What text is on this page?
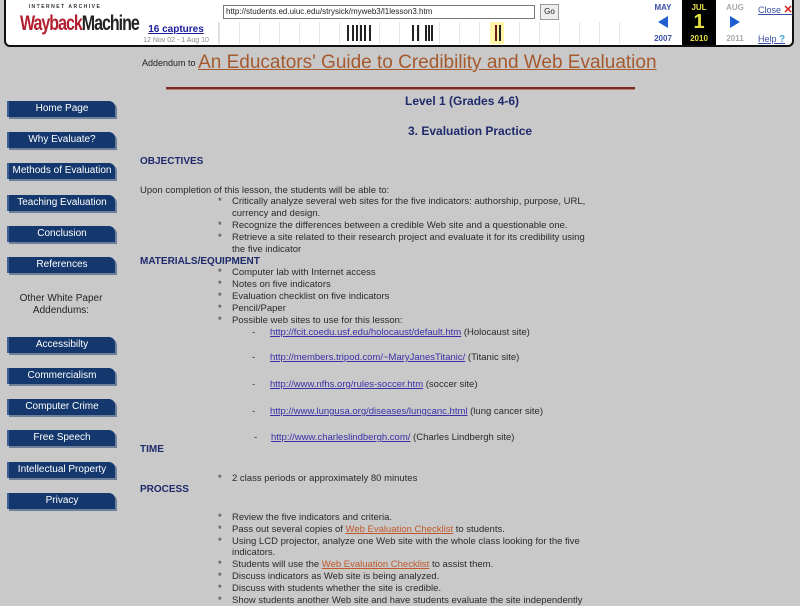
INTERNET ARCHIVE
WaybackMachine 16 captures
12 Nov 02 - 1 Aug 10
http://students.ed.uiuc.edu/strysick/myweb3/l1lesson3.htm	Go	MAY
2007
JUL
1
2010
AUG
2011
Close ✕
Help ?
Addendum to An Educators' Guide to Credibility and Web Evaluation
Level 1 (Grades 4-6)
3. Evaluation Practice
Home Page
Why Evaluate?
Methods of Evaluation
Teaching Evaluation
Conclusion
References
Other White Paper
Addendums:
Accessibilty
Commercialism
Computer Crime
Free Speech
Intellectual Property
Privacy
OBJECTIVES
Upon completion of this lesson, the students will be able to:
* Critically analyze several web sites for the five indicators: authorship, purpose, URL,
currency and design.
* Recognize the differences between a credible Web site and a questionable one.
* Retrieve a site related to their research project and evaluate it for its credibility using
the five indicator
MATERIALS/EQUIPMENT
* Computer lab with Internet access
* Notes on five indicators
* Evaluation checklist on five indicators
* Pencil/Paper
* Possible web sites to use for this lesson:
- http://fcit.coedu.usf.edu/holocaust/default.htm (Holocaust site)
- http://members.tripod.com/~MaryJanesTitanic/ (Titanic site)
- http://www.nfhs.org/rules-soccer.htm (soccer site)
- http://www.lungusa.org/diseases/lungcanc.html (lung cancer site)
- http://www.charleslindbergh.com/ (Charles Lindbergh site)
TIME
* 2 class periods or approximately 80 minutes
PROCESS
* Review the five indicators and criteria.
* Pass out several copies of Web Evaluation Checklist to students.
* Using LCD projector, analyze one Web site with the whole class looking for the five
indicators.
* Students will use the Web Evaluation Checklist to assist them.
* Discuss indicators as Web site is being analyzed.
* Discuss with students whether the site is credible.
* Show students another Web site and have students evaluate the site independently
